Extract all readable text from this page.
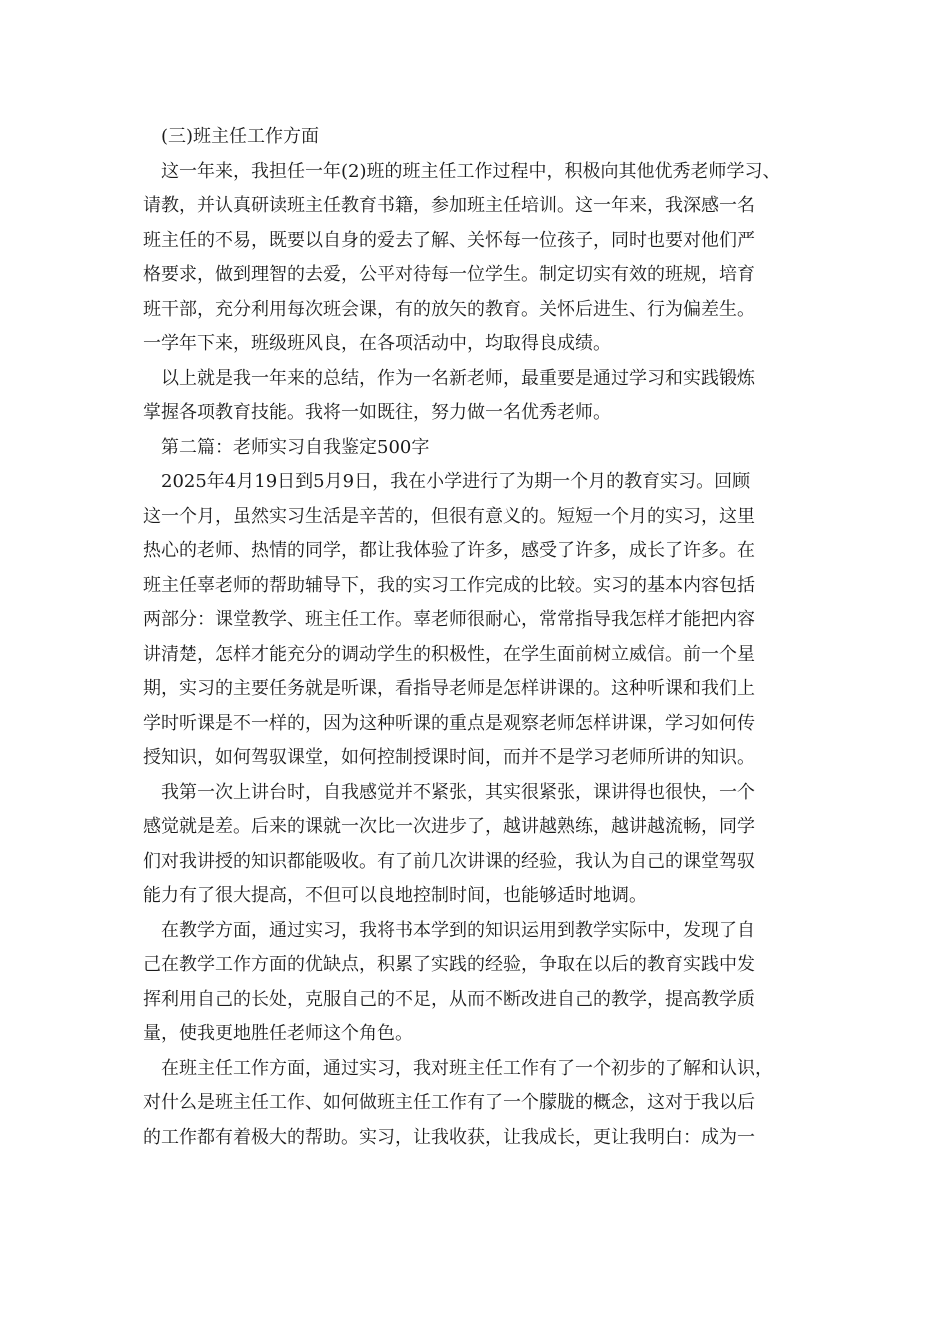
(三)班主任工作方面
这一年来，我担任一年(2)班的班主任工作过程中，积极向其他优秀老师学习、
请教，并认真研读班主任教育书籍，参加班主任培训。这一年来，我深感一名
班主任的不易，既要以自身的爱去了解、关怀每一位孩子，同时也要对他们严
格要求，做到理智的去爱，公平对待每一位学生。制定切实有效的班规，培育
班干部，充分利用每次班会课，有的放矢的教育。关怀后进生、行为偏差生。
一学年下来，班级班风良，在各项活动中，均取得良成绩。
以上就是我一年来的总结，作为一名新老师，最重要是通过学习和实践锻炼
掌握各项教育技能。我将一如既往，努力做一名优秀老师。
第二篇：老师实习自我鉴定500字
2025年4月19日到5月9日，我在小学进行了为期一个月的教育实习。回顾
这一个月，虽然实习生活是辛苦的，但很有意义的。短短一个月的实习，这里
热心的老师、热情的同学，都让我体验了许多，感受了许多，成长了许多。在
班主任辜老师的帮助辅导下，我的实习工作完成的比较。实习的基本内容包括
两部分：课堂教学、班主任工作。辜老师很耐心，常常指导我怎样才能把内容
讲清楚，怎样才能充分的调动学生的积极性，在学生面前树立威信。前一个星
期，实习的主要任务就是听课，看指导老师是怎样讲课的。这种听课和我们上
学时听课是不一样的，因为这种听课的重点是观察老师怎样讲课，学习如何传
授知识，如何驾驭课堂，如何控制授课时间，而并不是学习老师所讲的知识。
我第一次上讲台时，自我感觉并不紧张，其实很紧张，课讲得也很快，一个
感觉就是差。后来的课就一次比一次进步了，越讲越熟练，越讲越流畅，同学
们对我讲授的知识都能吸收。有了前几次讲课的经验，我认为自己的课堂驾驭
能力有了很大提高，不但可以良地控制时间，也能够适时地调。
在教学方面，通过实习，我将书本学到的知识运用到教学实际中，发现了自
己在教学工作方面的优缺点，积累了实践的经验，争取在以后的教育实践中发
挥利用自己的长处，克服自己的不足，从而不断改进自己的教学，提高教学质
量，使我更地胜任老师这个角色。
在班主任工作方面，通过实习，我对班主任工作有了一个初步的了解和认识，
对什么是班主任工作、如何做班主任工作有了一个朦胧的概念，这对于我以后
的工作都有着极大的帮助。实习，让我收获，让我成长，更让我明白：成为一
